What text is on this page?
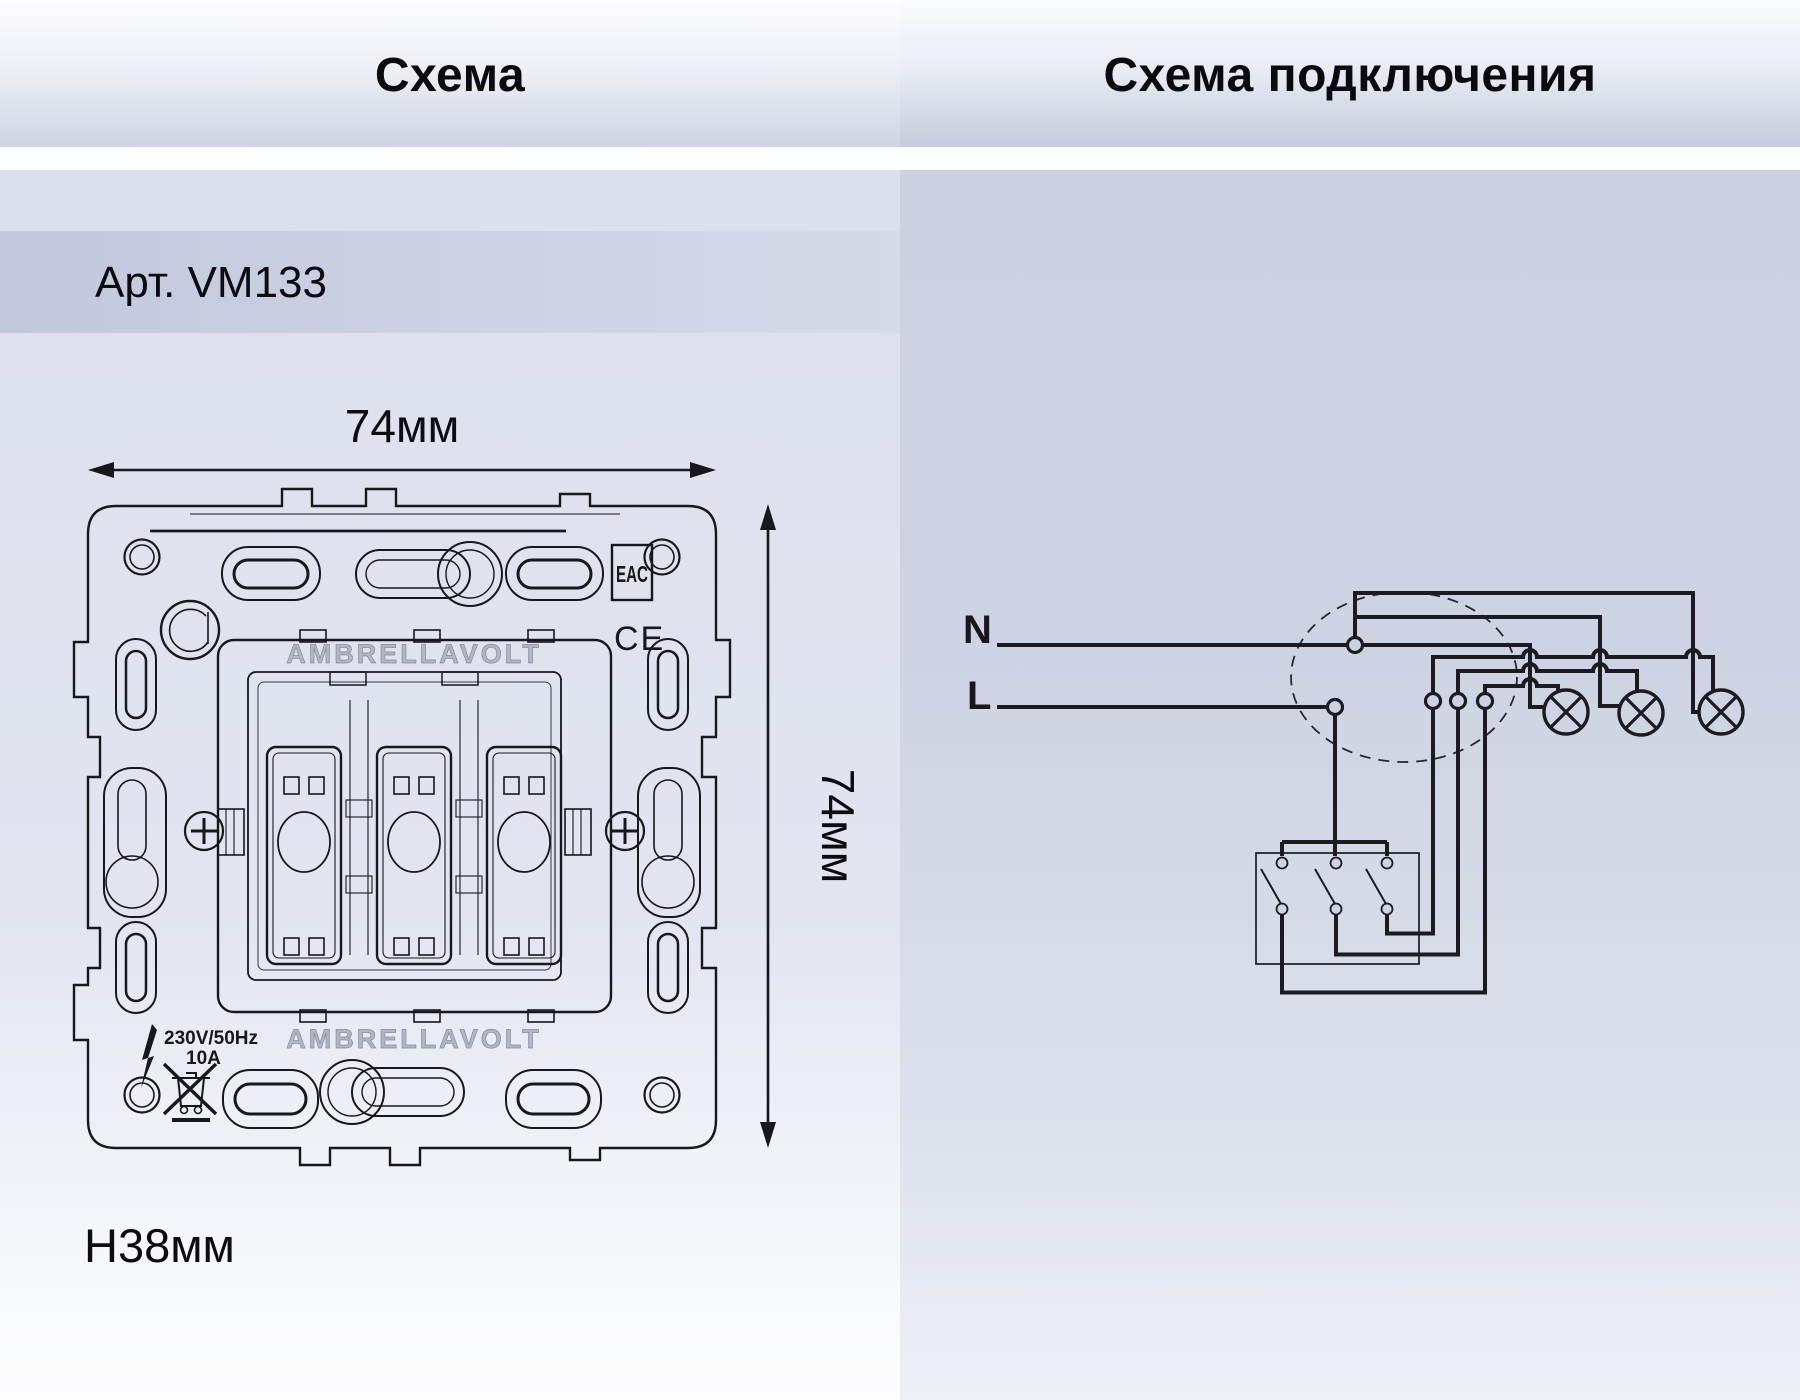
Схема	Схема подключения
Арт. VM133
74мм
74мм
H38мм
AMBRELLAVOLT
AMBRELLAVOLT
EAC
CE
230V/50Hz
10A
N
L
